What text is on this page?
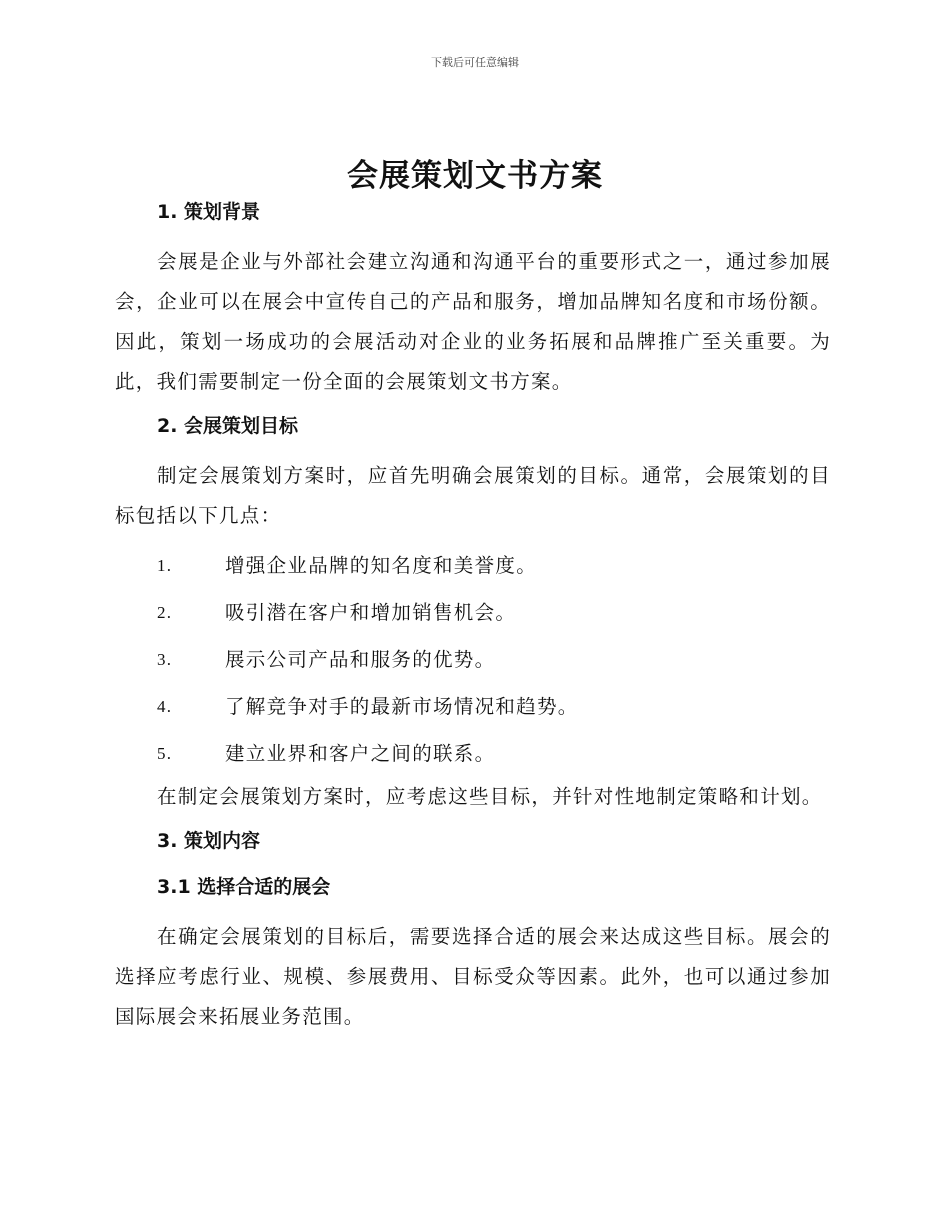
下载后可任意编辑
会展策划文书方案
1. 策划背景

会展是企业与外部社会建立沟通和沟通平台的重要形式之一，通过参加展会，企业可以在展会中宣传自己的产品和服务，增加品牌知名度和市场份额。因此，策划一场成功的会展活动对企业的业务拓展和品牌推广至关重要。为此，我们需要制定一份全面的会展策划文书方案。

2. 会展策划目标

制定会展策划方案时，应首先明确会展策划的目标。通常，会展策划的目标包括以下几点：

1.	增强企业品牌的知名度和美誉度。
2.	吸引潜在客户和增加销售机会。
3.	展示公司产品和服务的优势。
4.	了解竞争对手的最新市场情况和趋势。
5.	建立业界和客户之间的联系。

在制定会展策划方案时，应考虑这些目标，并针对性地制定策略和计划。

3. 策划内容
3.1 选择合适的展会

在确定会展策划的目标后，需要选择合适的展会来达成这些目标。展会的选择应考虑行业、规模、参展费用、目标受众等因素。此外，也可以通过参加国际展会来拓展业务范围。
